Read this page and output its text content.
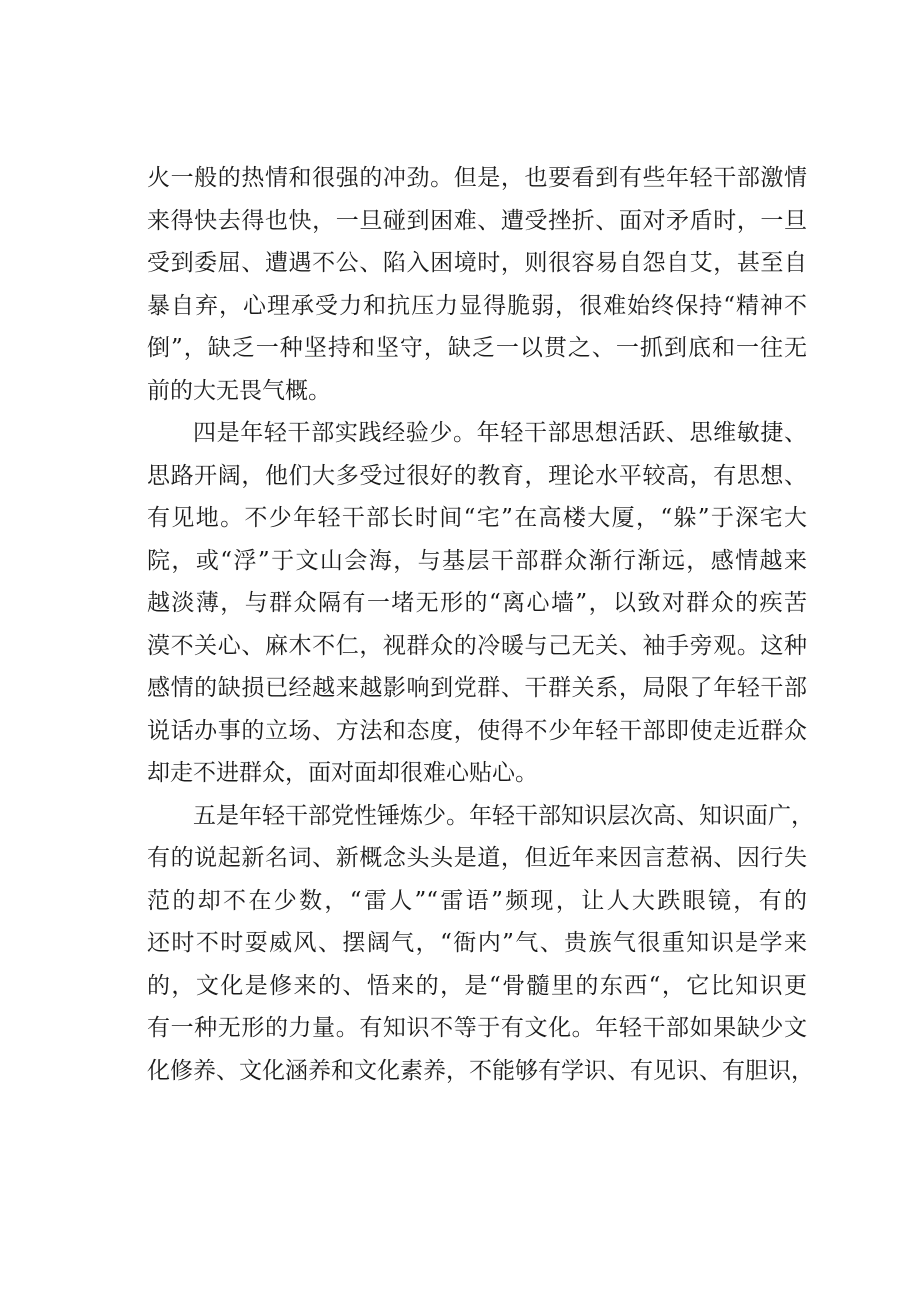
火一般的热情和很强的冲劲。但是，也要看到有些年轻干部激情
来得快去得也快，一旦碰到困难、遭受挫折、面对矛盾时，一旦
受到委屈、遭遇不公、陷入困境时，则很容易自怨自艾，甚至自
暴自弃，心理承受力和抗压力显得脆弱，很难始终保持“精神不
倒”，缺乏一种坚持和坚守，缺乏一以贯之、一抓到底和一往无
前的大无畏气概。
四是年轻干部实践经验少。年轻干部思想活跃、思维敏捷、
思路开阔，他们大多受过很好的教育，理论水平较高，有思想、
有见地。不少年轻干部长时间“宅”在高楼大厦，“躲”于深宅大
院，或“浮”于文山会海，与基层干部群众渐行渐远，感情越来
越淡薄，与群众隔有一堵无形的“离心墙”，以致对群众的疾苦
漠不关心、麻木不仁，视群众的冷暖与己无关、袖手旁观。这种
感情的缺损已经越来越影响到党群、干群关系，局限了年轻干部
说话办事的立场、方法和态度，使得不少年轻干部即使走近群众
却走不进群众，面对面却很难心贴心。
五是年轻干部党性锤炼少。年轻干部知识层次高、知识面广，
有的说起新名词、新概念头头是道，但近年来因言惹祸、因行失
范的却不在少数，“雷人”“雷语”频现，让人大跌眼镜，有的
还时不时耍威风、摆阔气，“衙内”气、贵族气很重知识是学来
的，文化是修来的、悟来的，是“骨髓里的东西“，它比知识更
有一种无形的力量。有知识不等于有文化。年轻干部如果缺少文
化修养、文化涵养和文化素养，不能够有学识、有见识、有胆识，
